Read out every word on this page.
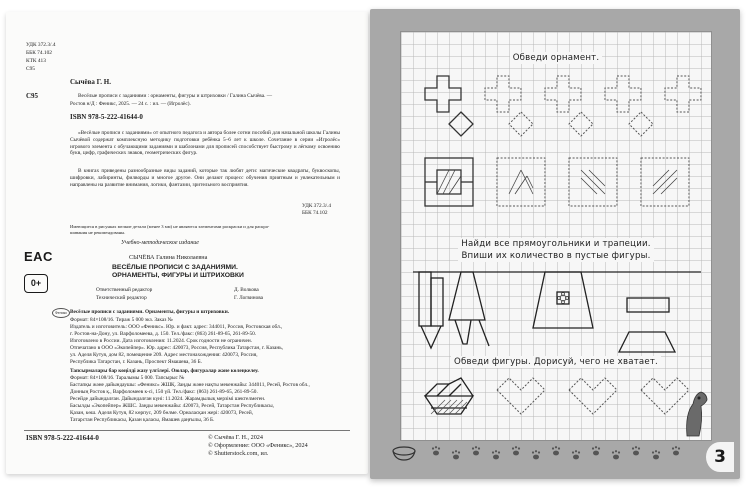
УДК 372.3/.4
ББК 74.102
КТК 413
С95
Сычёва Г. Н.
С95	Весёлые прописи с заданиями : орнаменты, фигуры и штриховки / Галина Сычёва. —
Ростов н/Д : Феникс, 2025. — 24 с. : ил. — (Игролёс).
ISBN 978-5-222-41644-0
«Весёлые прописи с заданиями» от опытного педагога и автора более сотни пособий для начальной школы Галины Сычёвой содержат комплексную методику подготовки ребёнка 5–6 лет к школе. Сочетание в серии «Игролёс» игрового элемента с обучающими заданиями и шаблонами для прописей способствует быстрому и лёгкому освоению букв, цифр, графических знаков, геометрических фигур.
В книгах приведены разнообразные виды заданий, которые так любят дети: магические квадраты, буквоскопы, шифровки, лабиринты, филворды и многое другое. Они делают процесс обучения приятным и увлекательным и направлены на развитие внимания, логики, фантазии, зрительного восприятия.
УДК 372.3/.4
ББК 74.102
Имеющиеся в рисунках мелкие детали (менее 3 мм) не являются элементами раскраски и для раскра-
шивания не рекомендованы.
Учебно-методическое издание
EAC
0+
СЫЧЁВА Галина Николаевна
ВЕСЁЛЫЕ ПРОПИСИ С ЗАДАНИЯМИ.
ОРНАМЕНТЫ, ФИГУРЫ И ШТРИХОВКИ
Ответственный редактор	Д. Волкова
Технический редактор	Г. Логвинова
Феникс Весёлые прописи с заданиями. Орнаменты, фигуры и штриховки.
Формат: 84×108/16. Тираж 5 000 экз. Заказ №
Издатель и изготовитель: ООО «Феникс». Юр. и факт. адрес: 344011, Россия, Ростовская обл.,
г. Ростов-на-Дону, ул. Варфоломеева, д. 150. Тел./факс: (863) 261-89-65, 261-89-50.
Изготовлено в России. Дата изготовления: 11.2024. Срок годности не ограничен.
Отпечатано в ООО «Экопейпер». Юр. адрес: 420073, Россия, Республика Татарстан, г. Казань,
ул. Аделя Кутуя, дом 82, помещение 209. Адрес местонахождения: 420073, Россия,
Республика Татарстан, г. Казань, Проспект Ямашева, 36 Б.
Тапсырмалары бар көңілді жазу үлгілері. Оюлар, фигуралар және көлеңкелеу.
Формат: 84×108/16. Таралымы 5 000. Тапсырыс №
Бастапқы және дайындаушы: «Феникс» ЖШҚ. Заңды және нақты мекенжайы: 344011, Ресей, Ростов обл.,
Донның Ростов қ., Варфоломеев к-сі, 150 үй. Тел./факс: (863) 261-89-65, 261-89-50.
Ресейде дайындалған. Дайындалған күні: 11.2024. Жарамдылық мерзімі шектелмеген.
Басылды «Экопейпер» ЖШС. Заңды мекенжайы: 420073, Ресей, Татарстан Республикасы,
Қазан, көш. Аделя Кутуя, 82 көрпус, 209 бөлме. Орналасқан жері: 420073, Ресей,
Татарстан Республикасы, Қазан қаласы, Ямашев даңғылы, 36 Б.
ISBN 978-5-222-41644-0	© Сычёва Г. Н., 2024
© Оформление: ООО «Феникс», 2024
© Shutterstock.com, ил.
Обведи орнамент.
Найди все прямоугольники и трапеции.
Впиши их количество в пустые фигуры.
Обведи фигуры. Дорисуй, чего не хватает.
3
